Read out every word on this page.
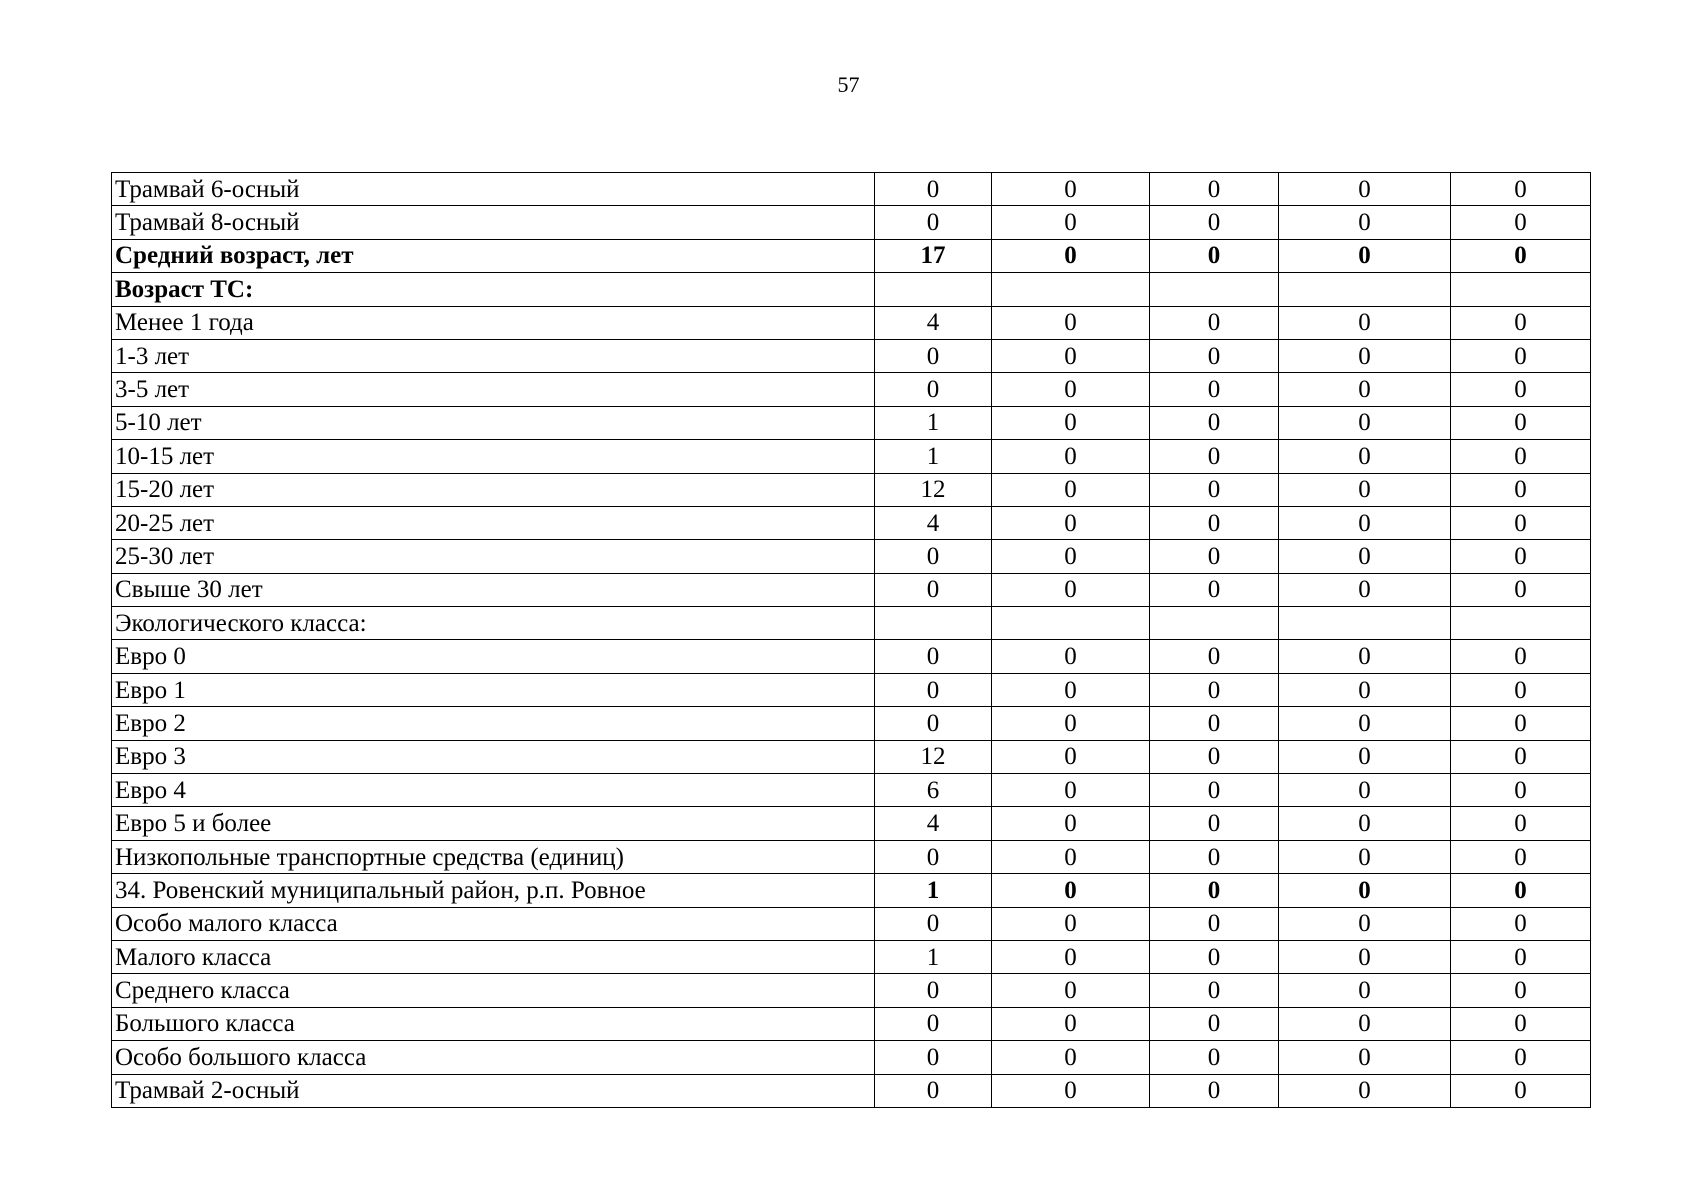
57
Трамвай 6-осный	0	0	0	0	0
Трамвай 8-осный	0	0	0	0	0
Средний возраст, лет	17	0	0	0	0
Возраст ТС:					
Менее 1 года	4	0	0	0	0
1-3 лет	0	0	0	0	0
3-5 лет	0	0	0	0	0
5-10 лет	1	0	0	0	0
10-15 лет	1	0	0	0	0
15-20 лет	12	0	0	0	0
20-25 лет	4	0	0	0	0
25-30 лет	0	0	0	0	0
Свыше 30 лет	0	0	0	0	0
Экологического класса:					
Евро 0	0	0	0	0	0
Евро 1	0	0	0	0	0
Евро 2	0	0	0	0	0
Евро 3	12	0	0	0	0
Евро 4	6	0	0	0	0
Евро 5 и более	4	0	0	0	0
Низкопольные транспортные средства (единиц)	0	0	0	0	0
34. Ровенский муниципальный район, р.п. Ровное	1	0	0	0	0
Особо малого класса	0	0	0	0	0
Малого класса	1	0	0	0	0
Среднего класса	0	0	0	0	0
Большого класса	0	0	0	0	0
Особо большого класса	0	0	0	0	0
Трамвай 2-осный	0	0	0	0	0
